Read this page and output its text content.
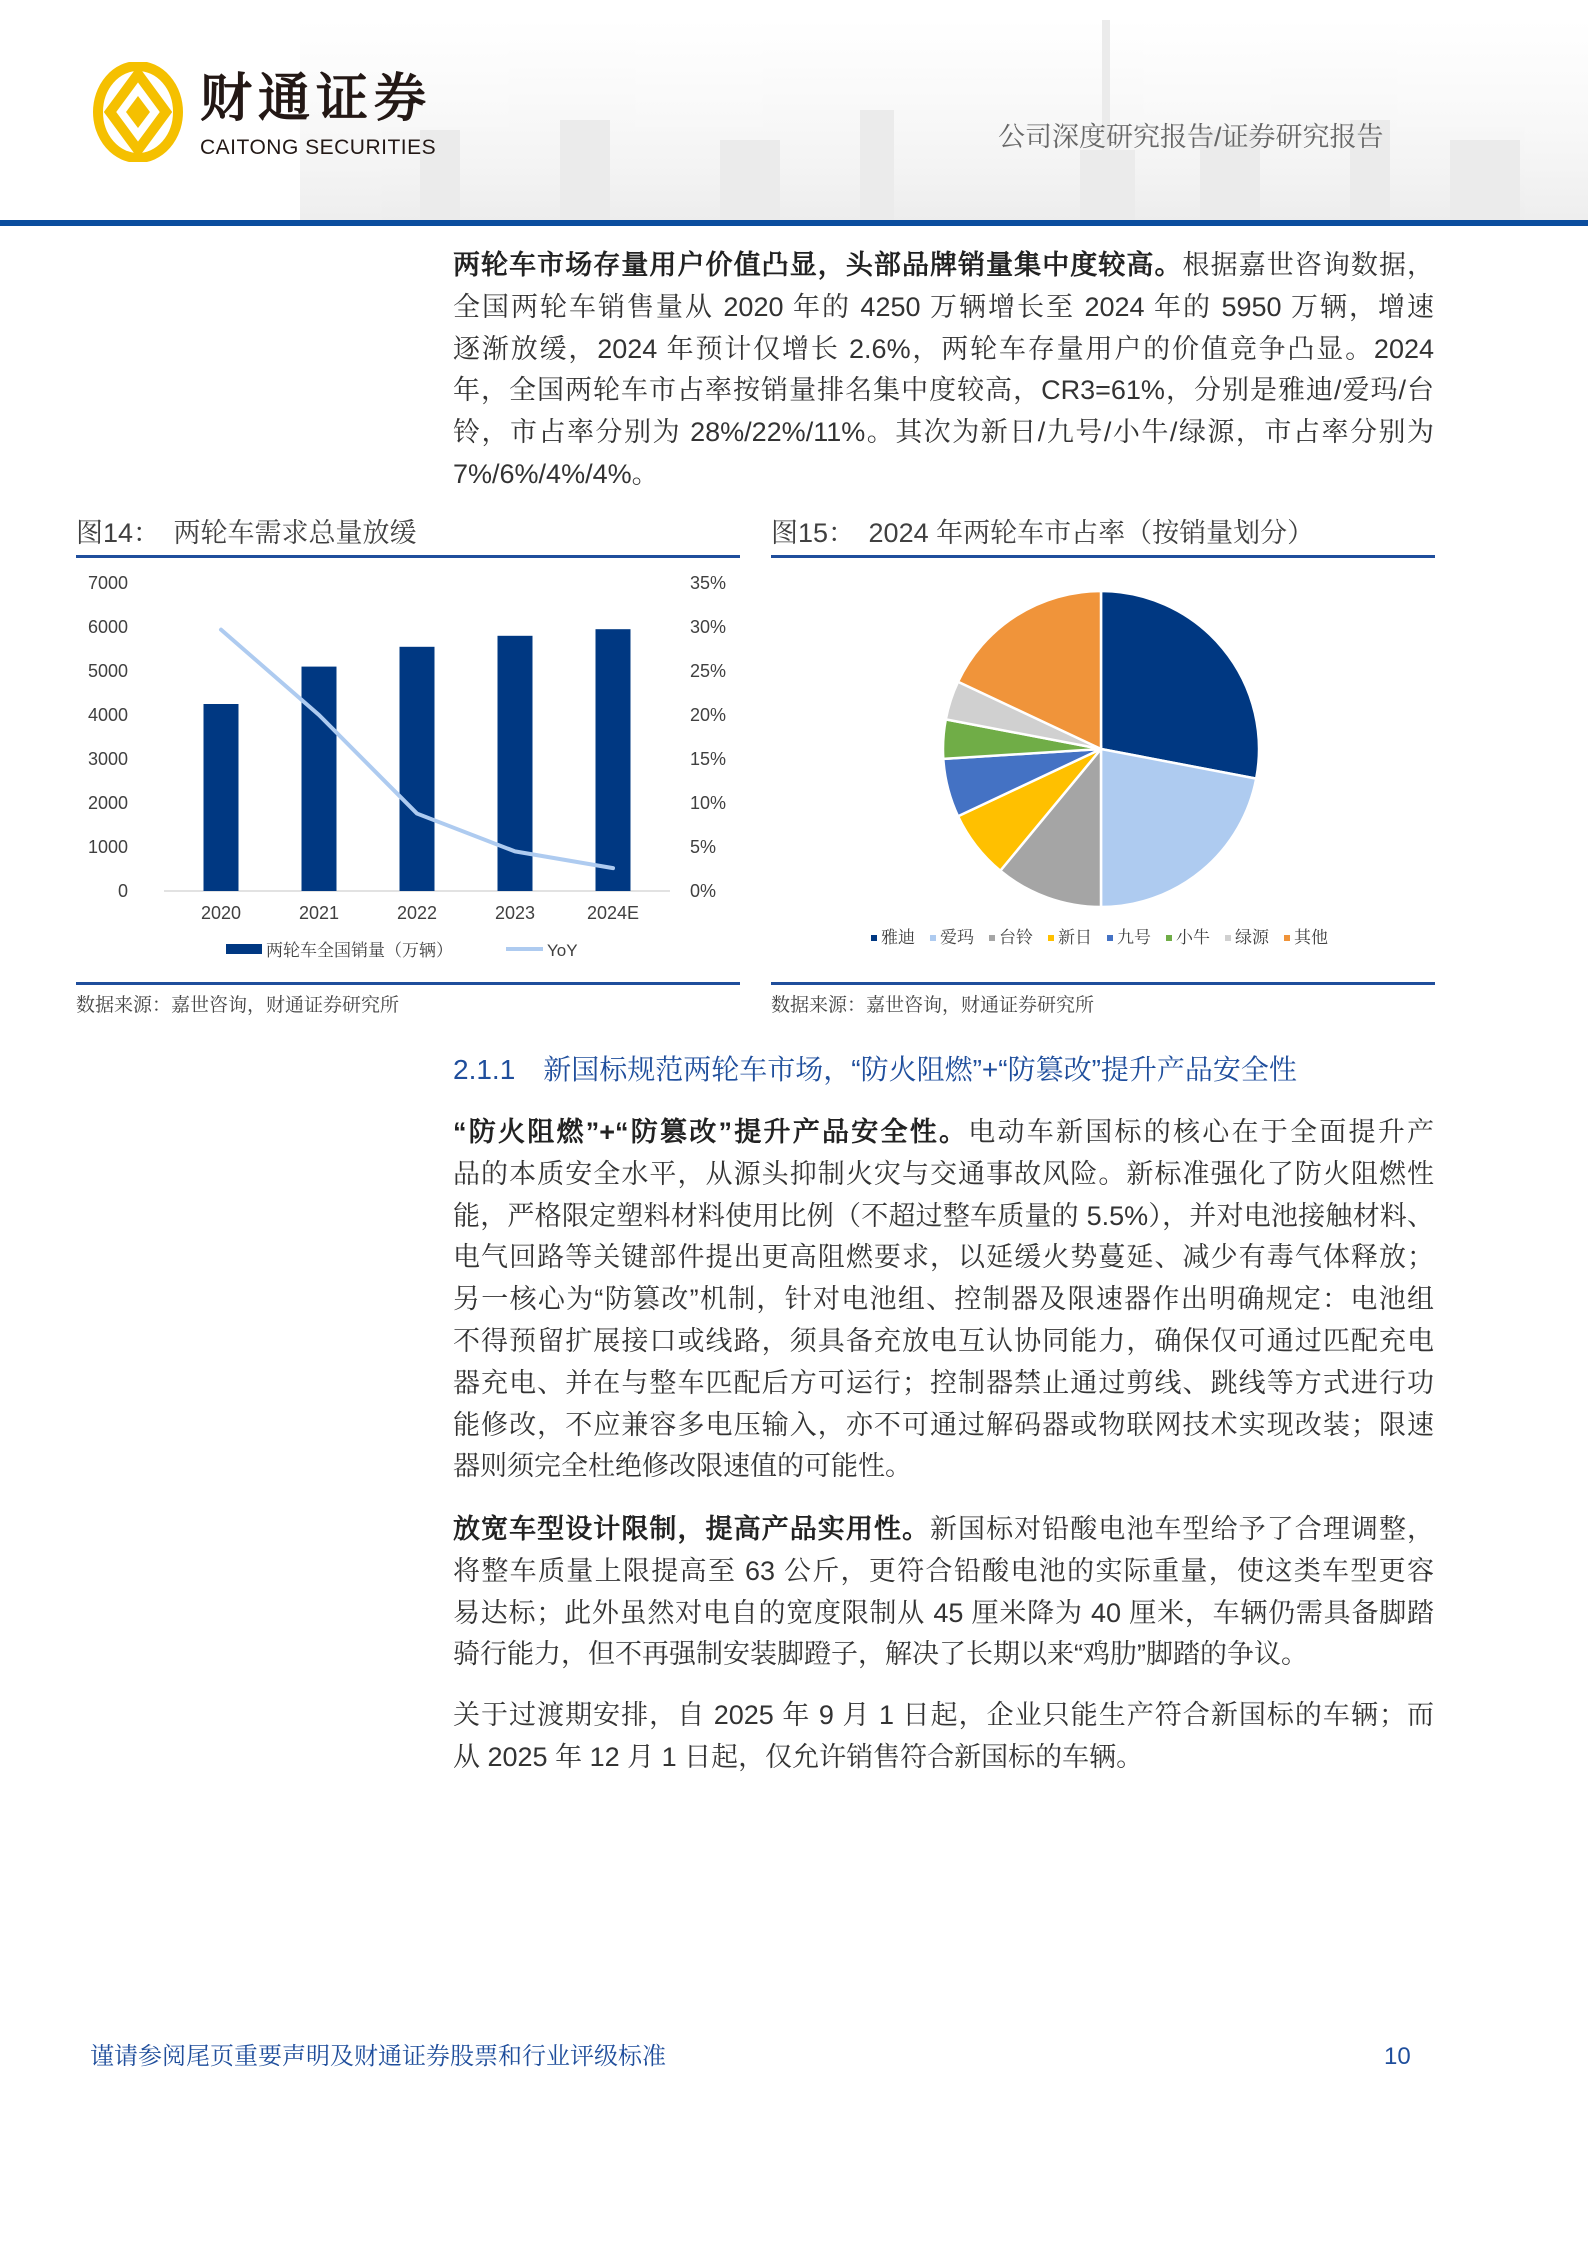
财通证券
CAITONG SECURITIES	公司深度研究报告/证券研究报告
两轮车市场存量用户价值凸显，头部品牌销量集中度较高。根据嘉世咨询数据，
全国两轮车销售量从 2020 年的 4250 万辆增长至 2024 年的 5950 万辆，增速
逐渐放缓，2024 年预计仅增长 2.6%，两轮车存量用户的价值竞争凸显。2024
年，全国两轮车市占率按销量排名集中度较高，CR3=61%，分别是雅迪/爱玛/台
铃，市占率分别为 28%/22%/11%。其次为新日/九号/小牛/绿源，市占率分别为
7%/6%/4%/4%。
图14：　两轮车需求总量放缓
0
1000
2000
3000
4000
5000
6000
7000
0%
5%
10%
15%
20%
25%
30%
35%
2020	2021	2022	2023	2024E
两轮车全国销量（万辆）	YoY
数据来源：嘉世咨询，财通证券研究所
图15：　2024 年两轮车市占率（按销量划分）
雅迪 爱玛 台铃 新日 九号 小牛 绿源 其他
数据来源：嘉世咨询，财通证券研究所
2.1.1　新国标规范两轮车市场，“防火阻燃”+“防篡改”提升产品安全性
“防火阻燃”+“防篡改”提升产品安全性。电动车新国标的核心在于全面提升产
品的本质安全水平，从源头抑制火灾与交通事故风险。新标准强化了防火阻燃性
能，严格限定塑料材料使用比例（不超过整车质量的 5.5%），并对电池接触材料、
电气回路等关键部件提出更高阻燃要求，以延缓火势蔓延、减少有毒气体释放；
另一核心为“防篡改”机制，针对电池组、控制器及限速器作出明确规定：电池组
不得预留扩展接口或线路，须具备充放电互认协同能力，确保仅可通过匹配充电
器充电、并在与整车匹配后方可运行；控制器禁止通过剪线、跳线等方式进行功
能修改，不应兼容多电压输入，亦不可通过解码器或物联网技术实现改装；限速
器则须完全杜绝修改限速值的可能性。
放宽车型设计限制，提高产品实用性。新国标对铅酸电池车型给予了合理调整，
将整车质量上限提高至 63 公斤，更符合铅酸电池的实际重量，使这类车型更容
易达标；此外虽然对电自的宽度限制从 45 厘米降为 40 厘米，车辆仍需具备脚踏
骑行能力，但不再强制安装脚蹬子，解决了长期以来“鸡肋”脚踏的争议。
关于过渡期安排，自 2025 年 9 月 1 日起，企业只能生产符合新国标的车辆；而
从 2025 年 12 月 1 日起，仅允许销售符合新国标的车辆。
谨请参阅尾页重要声明及财通证券股票和行业评级标准	10
